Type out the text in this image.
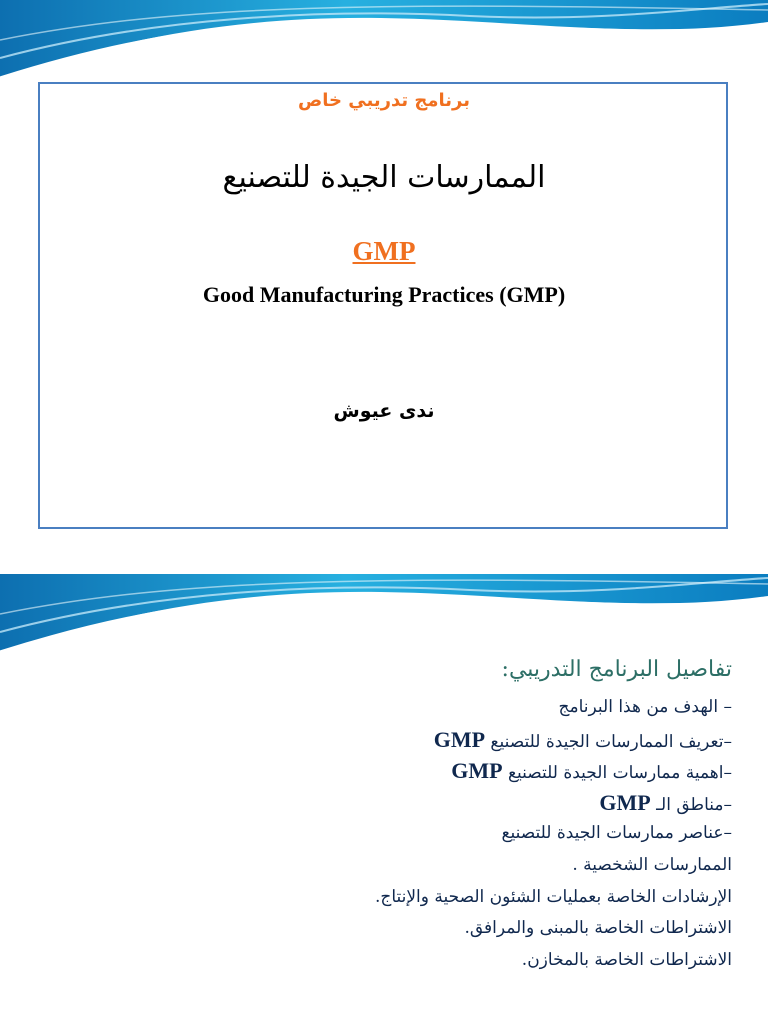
برنامج تدريبي خاص
الممارسات الجيدة للتصنيع
GMP
Good Manufacturing Practices (GMP)
ندى عيوش
تفاصيل البرنامج التدريبي:
– الهدف من هذا البرنامج
–تعريف الممارسات الجيدة للتصنيع GMP
–اهمية ممارسات الجيدة للتصنيع GMP
–مناطق الـ GMP
–عناصر ممارسات الجيدة للتصنيع
الممارسات الشخصية .
الإرشادات الخاصة بعمليات الشئون الصحية والإنتاج.
الاشتراطات الخاصة بالمبنى والمرافق.
الاشتراطات الخاصة بالمخازن.
